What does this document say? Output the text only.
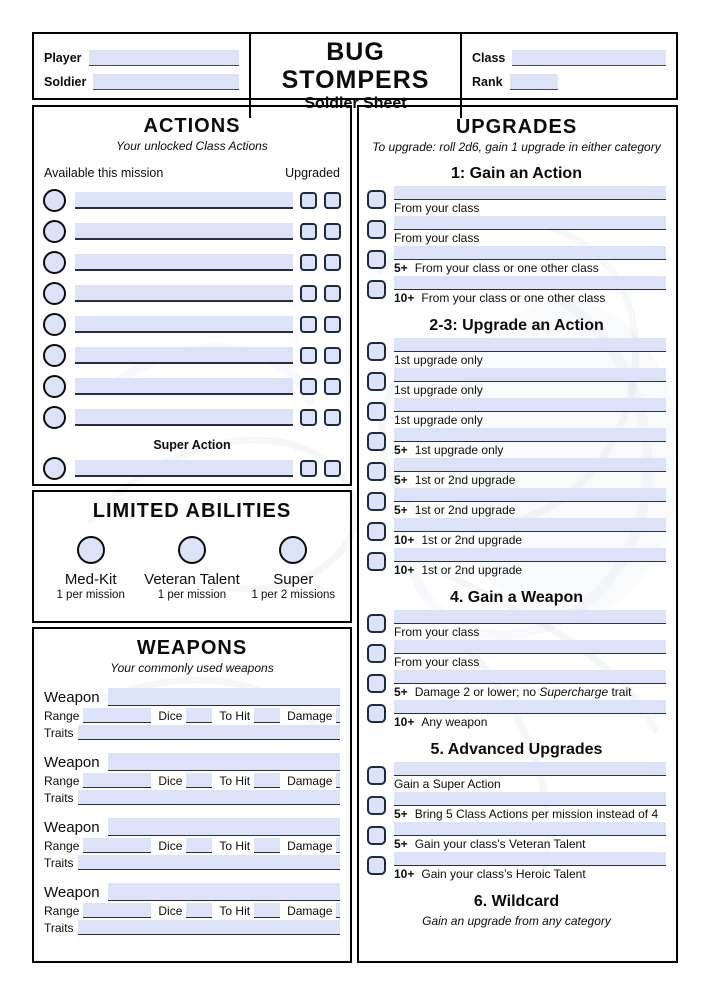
Player
Soldier
BUG STOMPERS
Soldier Sheet
Class
Rank
ACTIONS
Your unlocked Class Actions
Available this mission	Upgraded
Super Action
LIMITED ABILITIES
Med-Kit
1 per mission
Veteran Talent
1 per mission
Super
1 per 2 missions
WEAPONS
Your commonly used weapons
Weapon
Range	Dice	To Hit	Damage
Traits
Weapon
Range	Dice	To Hit	Damage
Traits
Weapon
Range	Dice	To Hit	Damage
Traits
Weapon
Range	Dice	To Hit	Damage
Traits
UPGRADES
To upgrade: roll 2d6, gain 1 upgrade in either category
1: Gain an Action
From your class
From your class
5+ From your class or one other class
10+ From your class or one other class
2-3: Upgrade an Action
1st upgrade only
1st upgrade only
1st upgrade only
5+ 1st upgrade only
5+ 1st or 2nd upgrade
5+ 1st or 2nd upgrade
10+ 1st or 2nd upgrade
10+ 1st or 2nd upgrade
4. Gain a Weapon
From your class
From your class
5+ Damage 2 or lower; no Supercharge trait
10+ Any weapon
5. Advanced Upgrades
Gain a Super Action
5+ Bring 5 Class Actions per mission instead of 4
5+ Gain your class's Veteran Talent
10+ Gain your class’s Heroic Talent
6. Wildcard
Gain an upgrade from any category
